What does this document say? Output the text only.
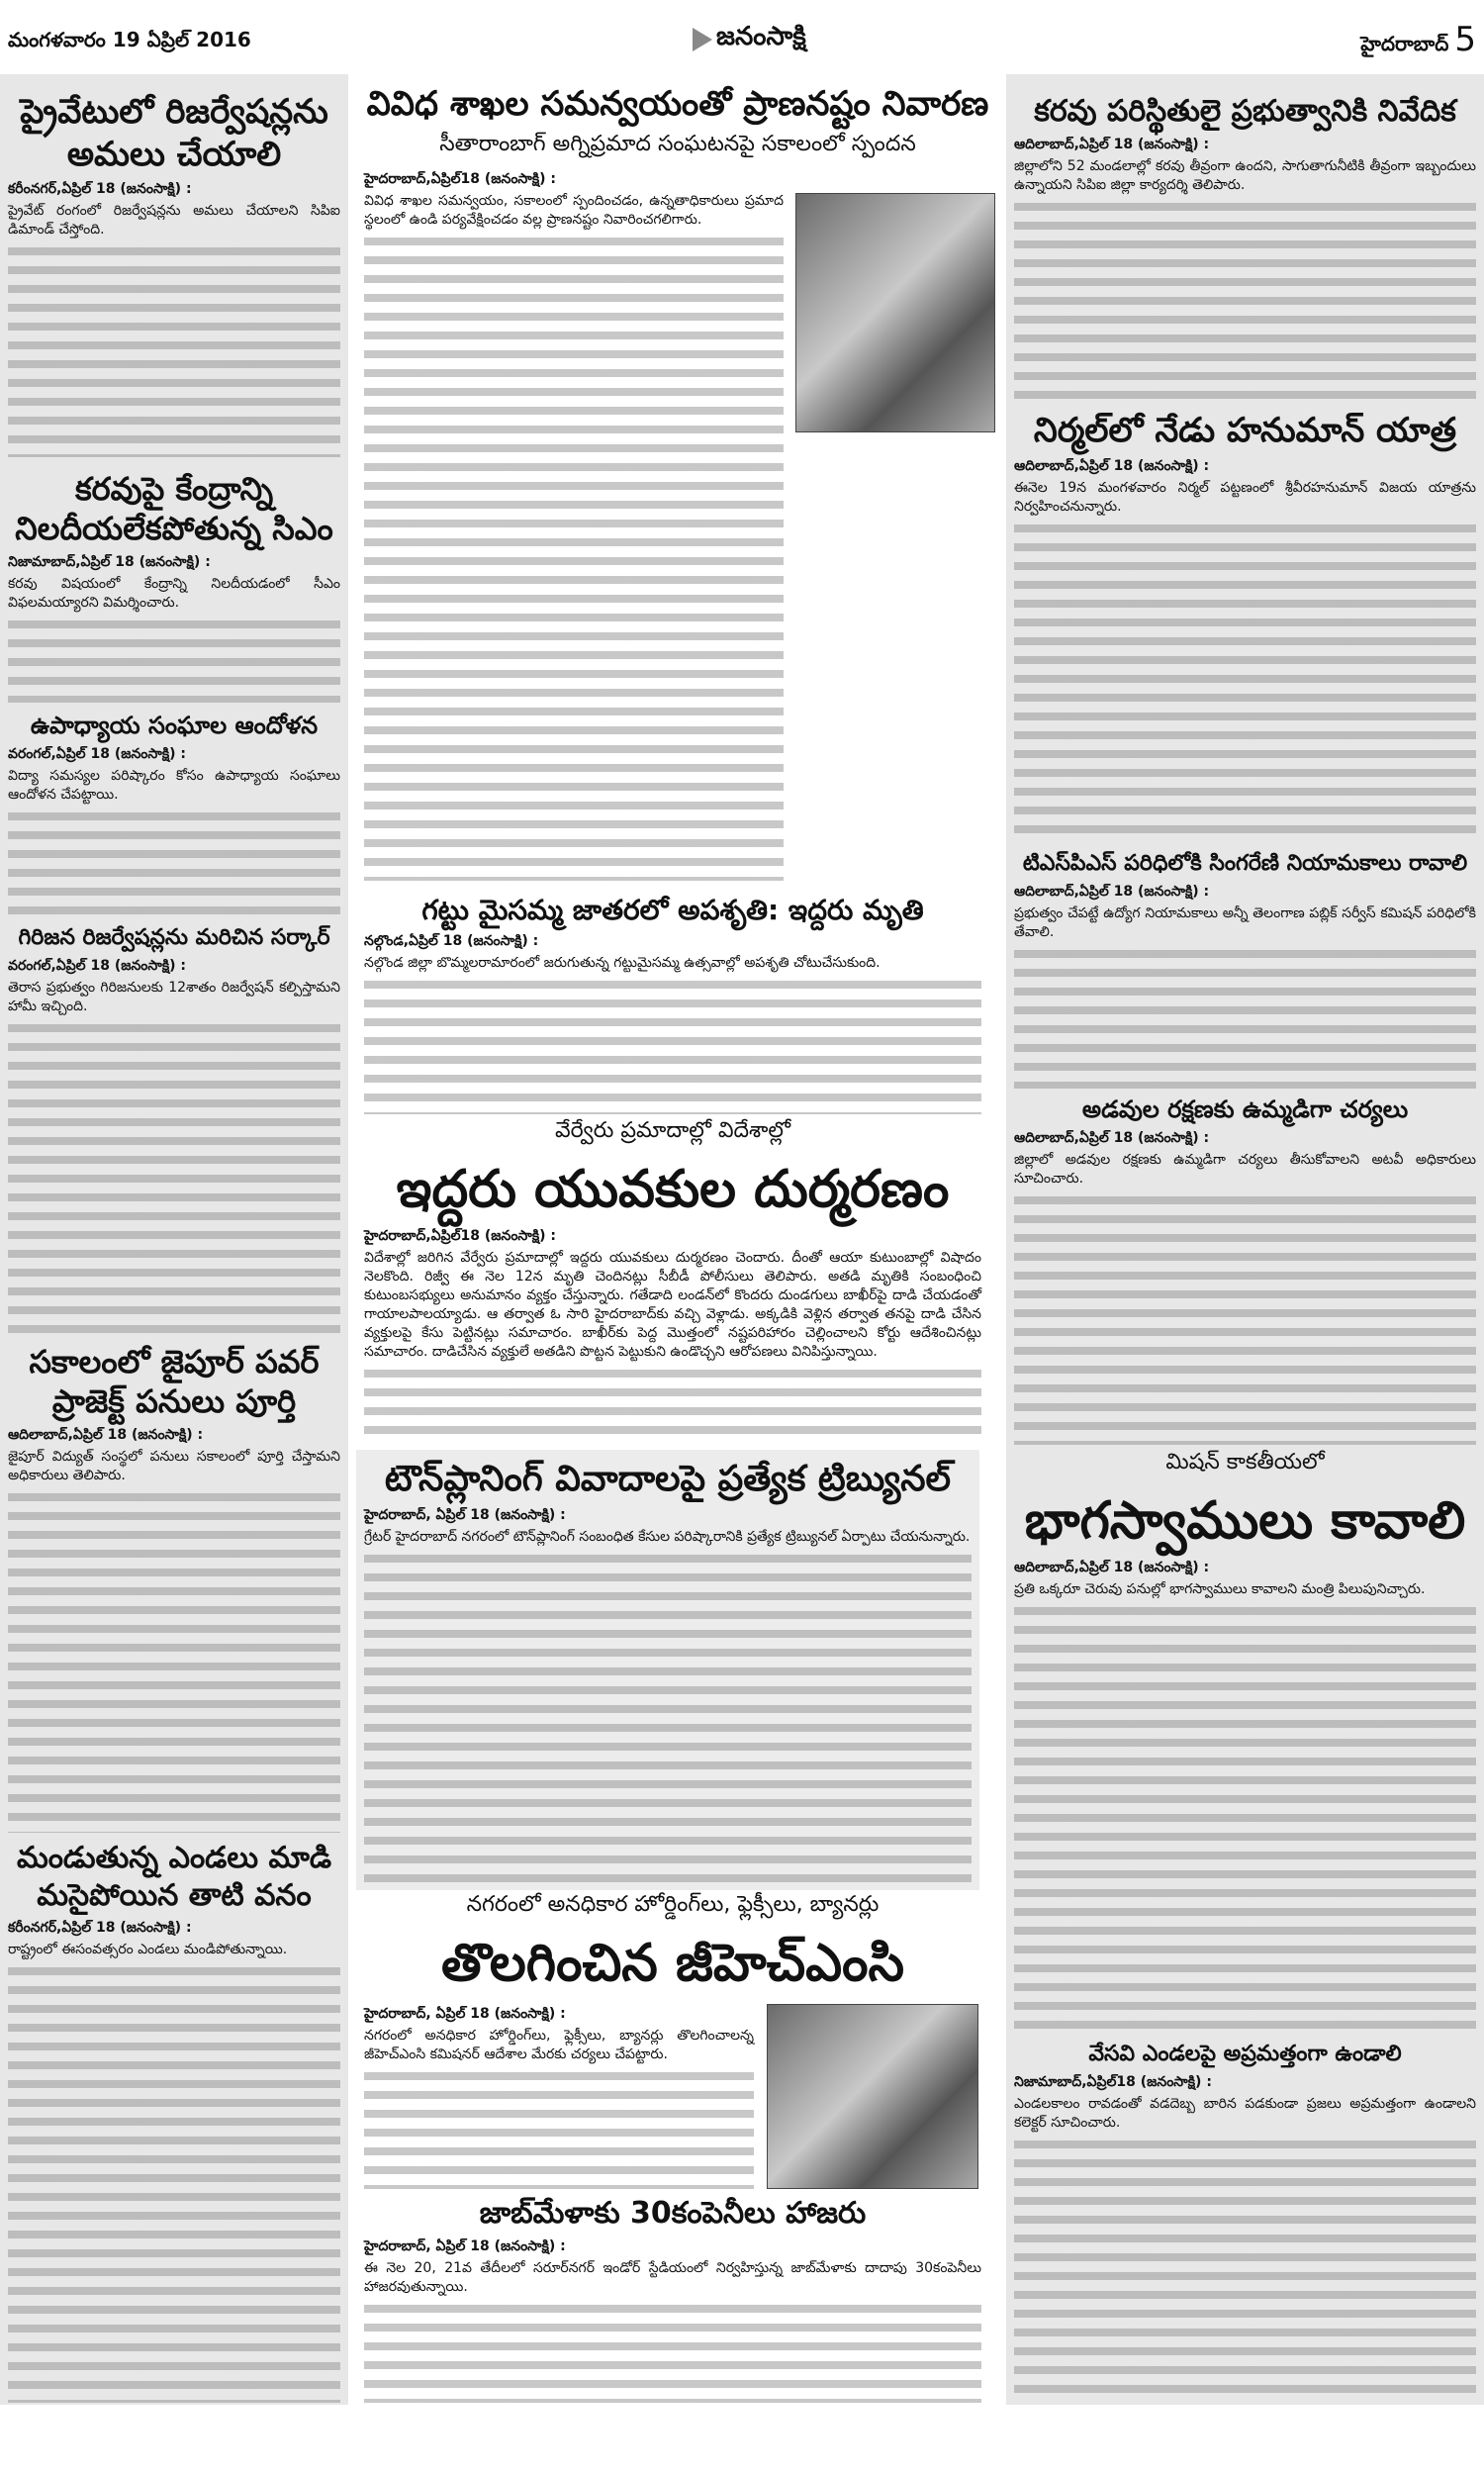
మంగళవారం 19 ఏప్రిల్ 2016	జనంసాక్షి	హైదరాబాద్ 5
ప్రైవేటులో రిజర్వేషన్లను అమలు చేయాలి
కరీంనగర్,ఏప్రిల్ 18 (జనంసాక్షి) :
ప్రైవేట్ రంగంలో రిజర్వేషన్లను అమలు చేయాలని సిపిఐ డిమాండ్ చేస్తోంది.
కరవుపై కేంద్రాన్ని నిలదీయలేకపోతున్న సిఎం
నిజామాబాద్,ఏప్రిల్ 18 (జనంసాక్షి) :
కరవు విషయంలో కేంద్రాన్ని నిలదీయడంలో సీఎం విఫలమయ్యారని విమర్శించారు.
ఉపాధ్యాయ సంఘాల ఆందోళన
వరంగల్,ఏప్రిల్ 18 (జనంసాక్షి) :
విద్యా సమస్యల పరిష్కారం కోసం ఉపాధ్యాయ సంఘాలు ఆందోళన చేపట్టాయి.
గిరిజన రిజర్వేషన్లను మరిచిన సర్కార్
వరంగల్,ఏప్రిల్ 18 (జనంసాక్షి) :
తెరాస ప్రభుత్వం గిరిజనులకు 12శాతం రిజర్వేషన్ కల్పిస్తామని హామీ ఇచ్చింది.
సకాలంలో జైపూర్ పవర్ ప్రాజెక్ట్ పనులు పూర్తి
ఆదిలాబాద్,ఏప్రిల్ 18 (జనంసాక్షి) :
జైపూర్ విద్యుత్ సంస్థలో పనులు సకాలంలో పూర్తి చేస్తామని అధికారులు తెలిపారు.
మండుతున్న ఎండలు మాడి మసైపోయిన తాటి వనం
కరీంనగర్,ఏప్రిల్ 18 (జనంసాక్షి) :
రాష్ట్రంలో ఈసంవత్సరం ఎండలు మండిపోతున్నాయి.
వివిధ శాఖల సమన్వయంతో ప్రాణనష్టం నివారణ
సీతారాంబాగ్ అగ్నిప్రమాద సంఘటనపై సకాలంలో స్పందన
హైదరాబాద్,ఏప్రిల్18 (జనంసాక్షి) :
వివిధ శాఖల సమన్వయం, సకాలంలో స్పందించడం, ఉన్నతాధికారులు ప్రమాద స్థలంలో ఉండి పర్యవేక్షించడం వల్ల ప్రాణనష్టం నివారించగలిగారు.
గట్టు మైసమ్మ జాతరలో అపశృతి: ఇద్దరు మృతి
నల్గొండ,ఏప్రిల్ 18 (జనంసాక్షి) :
నల్గొండ జిల్లా బొమ్మలరామారంలో జరుగుతున్న గట్టుమైసమ్మ ఉత్సవాల్లో అపశృతి చోటుచేసుకుంది.
వేర్వేరు ప్రమాదాల్లో విదేశాల్లో
ఇద్దరు యువకుల దుర్మరణం
హైదరాబాద్,ఏప్రిల్18 (జనంసాక్షి) :
విదేశాల్లో జరిగిన వేర్వేరు ప్రమాదాల్లో ఇద్దరు యువకులు దుర్మరణం చెందారు. దీంతో ఆయా కుటుంబాల్లో విషాదం నెలకొంది. రిజ్వీ ఈ నెల 12న మృతి చెందినట్లు సీబీడీ పోలీసులు తెలిపారు. అతడి మృతికి సంబంధించి కుటుంబసభ్యులు అనుమానం వ్యక్తం చేస్తున్నారు. గతేడాది లండన్‌లో కొందరు దుండగులు బాఖీర్‌పై దాడి చేయడంతో గాయాలపాలయ్యాడు. ఆ తర్వాత ఓ సారి హైదరాబాద్‌కు వచ్చి వెళ్లాడు. అక్కడికి వెళ్లిన తర్వాత తనపై దాడి చేసిన వ్యక్తులపై కేసు పెట్టినట్లు సమాచారం. బాఖీర్‌కు పెద్ద మొత్తంలో నష్టపరిహారం చెల్లించాలని కోర్టు ఆదేశించినట్లు సమాచారం. దాడిచేసిన వ్యక్తులే అతడిని పొట్టన పెట్టుకుని ఉండొచ్చని ఆరోపణలు వినిపిస్తున్నాయి.
టౌన్‌ప్లానింగ్ వివాదాలపై ప్రత్యేక ట్రిబ్యునల్
హైదరాబాద్, ఏప్రిల్ 18 (జనంసాక్షి) :
గ్రేటర్ హైదరాబాద్ నగరంలో టౌన్‌ప్లానింగ్ సంబంధిత కేసుల పరిష్కారానికి ప్రత్యేక ట్రిబ్యునల్ ఏర్పాటు చేయనున్నారు.
నగరంలో అనధికార హోర్డింగ్‌లు, ఫ్లెక్సీలు, బ్యానర్లు
తొలగించిన జీహెచ్ఎంసి
హైదరాబాద్, ఏప్రిల్ 18 (జనంసాక్షి) :
నగరంలో అనధికార హోర్డింగ్‌లు, ఫ్లెక్సీలు, బ్యానర్లు తొలగించాలన్న జీహెచ్‌ఎంసి కమిషనర్ ఆదేశాల మేరకు చర్యలు చేపట్టారు.
జాబ్‌మేళాకు 30కంపెనీలు హాజరు
హైదరాబాద్, ఏప్రిల్ 18 (జనంసాక్షి) :
ఈ నెల 20, 21వ తేదీలలో సరూర్‌నగర్ ఇండోర్ స్టేడియంలో నిర్వహిస్తున్న జాబ్‌మేళాకు దాదాపు 30కంపెనీలు హాజరవుతున్నాయి.
కరవు పరిస్థితులై ప్రభుత్వానికి నివేదిక
ఆదిలాబాద్,ఏప్రిల్ 18 (జనంసాక్షి) :
జిల్లాలోని 52 మండలాల్లో కరవు తీవ్రంగా ఉందని, సాగుతాగునీటికి తీవ్రంగా ఇబ్బందులు ఉన్నాయని సిపిఐ జిల్లా కార్యదర్శి తెలిపారు.
నిర్మల్‌లో నేడు హనుమాన్ యాత్ర
ఆదిలాబాద్,ఏప్రిల్ 18 (జనంసాక్షి) :
ఈనెల 19న మంగళవారం నిర్మల్ పట్టణంలో శ్రీవీరహనుమాన్ విజయ యాత్రను నిర్వహించనున్నారు.
టిఎస్‌పిఎస్ పరిధిలోకి సింగరేణి నియామకాలు రావాలి
ఆదిలాబాద్,ఏప్రిల్ 18 (జనంసాక్షి) :
ప్రభుత్వం చేపట్టే ఉద్యోగ నియామకాలు అన్నీ తెలంగాణ పబ్లిక్ సర్వీస్ కమిషన్ పరిధిలోకి తేవాలి.
అడవుల రక్షణకు ఉమ్మడిగా చర్యలు
ఆదిలాబాద్,ఏప్రిల్ 18 (జనంసాక్షి) :
జిల్లాలో అడవుల రక్షణకు ఉమ్మడిగా చర్యలు తీసుకోవాలని అటవీ అధికారులు సూచించారు.
మిషన్ కాకతీయలో
భాగస్వాములు కావాలి
ఆదిలాబాద్,ఏప్రిల్ 18 (జనంసాక్షి) :
ప్రతి ఒక్కరూ చెరువు పనుల్లో భాగస్వాములు కావాలని మంత్రి పిలుపునిచ్చారు.
వేసవి ఎండలపై అప్రమత్తంగా ఉండాలి
నిజామాబాద్,ఏప్రిల్18 (జనంసాక్షి) :
ఎండలకాలం రావడంతో వడదెబ్బ బారిన పడకుండా ప్రజలు అప్రమత్తంగా ఉండాలని కలెక్టర్ సూచించారు.
